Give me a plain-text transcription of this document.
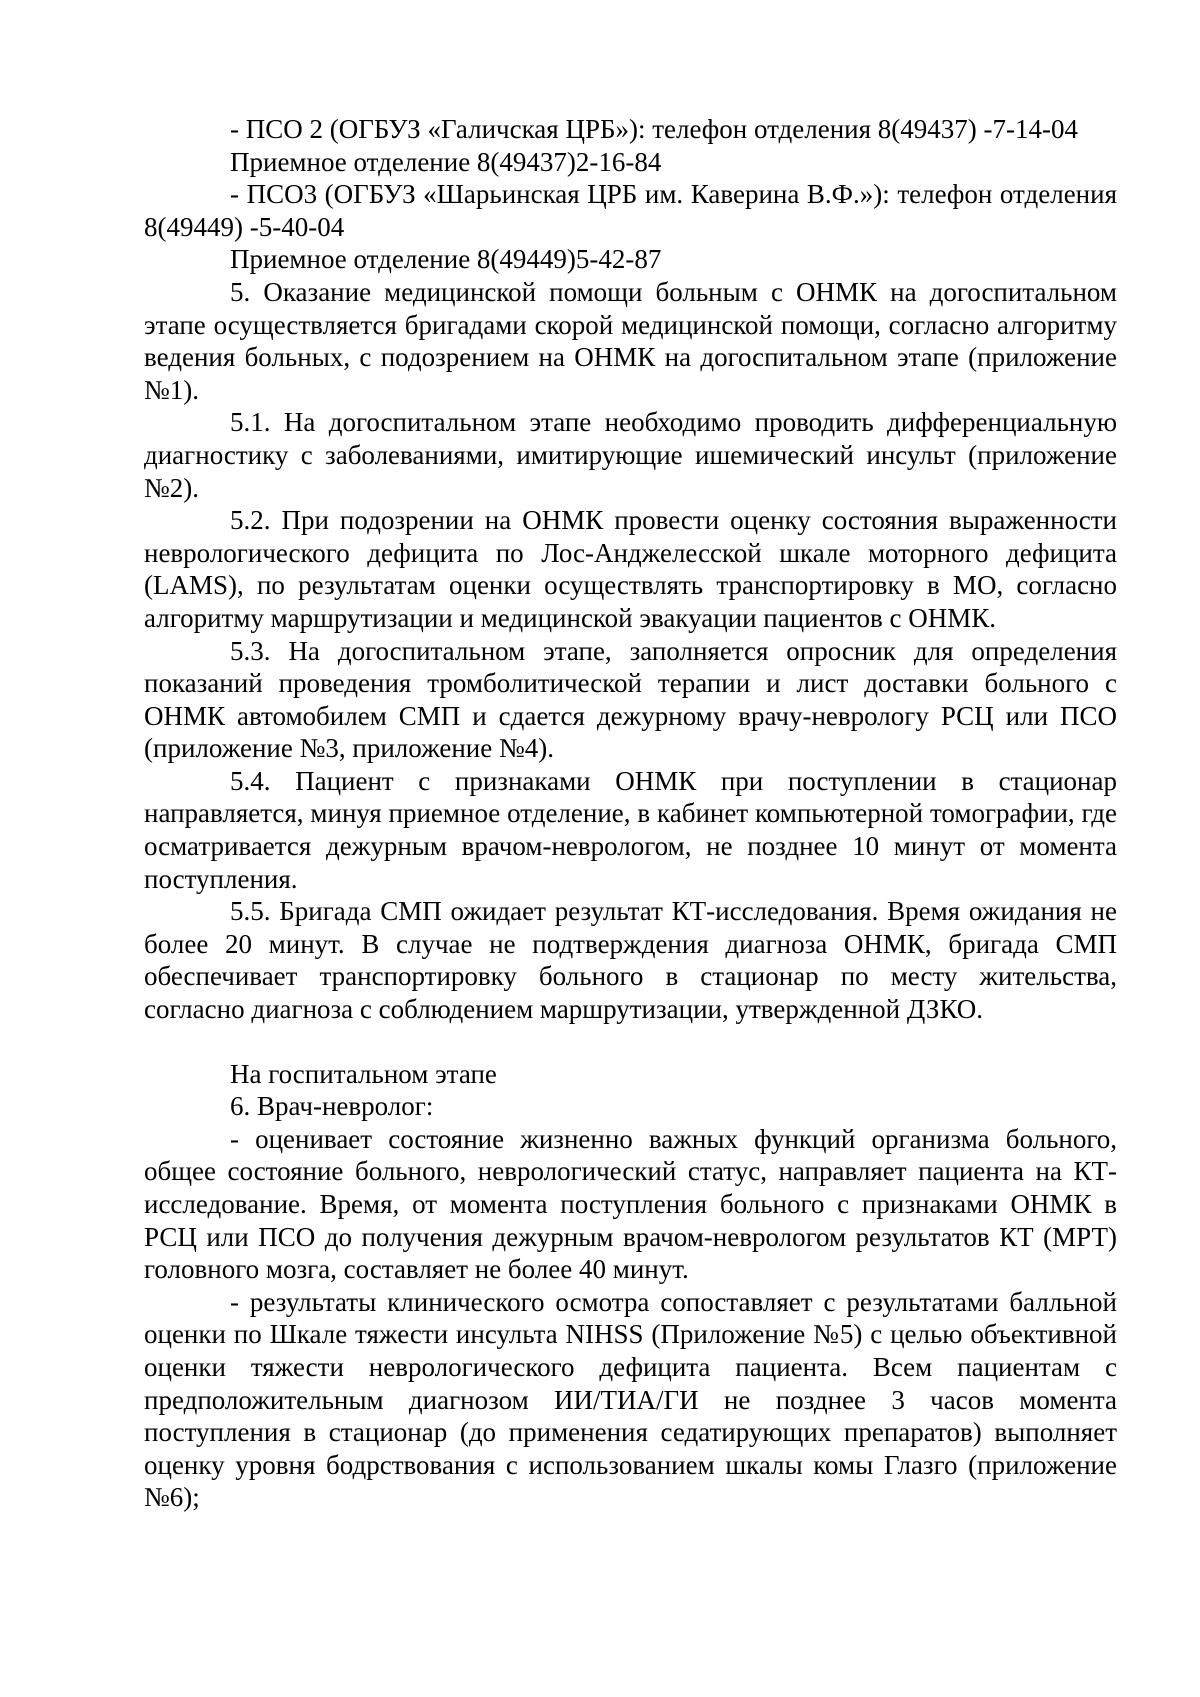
- ПСО 2 (ОГБУЗ «Галичская ЦРБ»): телефон отделения 8(49437) -7-14-04

Приемное отделение 8(49437)2-16-84

- ПСО3 (ОГБУЗ «Шарьинская ЦРБ им. Каверина В.Ф.»): телефон отделения 8(49449) -5-40-04

Приемное отделение 8(49449)5-42-87

5. Оказание медицинской помощи больным с ОНМК на догоспитальном этапе осуществляется бригадами скорой медицинской помощи, согласно алгоритму ведения больных, с подозрением на ОНМК на догоспитальном этапе (приложение №1).

5.1. На догоспитальном этапе необходимо проводить дифференциальную диагностику с заболеваниями, имитирующие ишемический инсульт (приложение №2).

5.2. При подозрении на ОНМК провести оценку состояния выраженности неврологического дефицита по Лос-Анджелесской шкале моторного дефицита (LAMS), по результатам оценки осуществлять транспортировку в МО, согласно алгоритму маршрутизации и медицинской эвакуации пациентов с ОНМК.

5.3. На догоспитальном этапе, заполняется опросник для определения показаний проведения тромболитической терапии и лист доставки больного с ОНМК автомобилем СМП и сдается дежурному врачу-неврологу РСЦ или ПСО (приложение №3, приложение №4).

5.4. Пациент с признаками ОНМК при поступлении в стационар направляется, минуя приемное отделение, в кабинет компьютерной томографии, где осматривается дежурным врачом-неврологом, не позднее 10 минут от момента поступления.

5.5. Бригада СМП ожидает результат КТ-исследования. Время ожидания не более 20 минут. В случае не подтверждения диагноза ОНМК, бригада СМП обеспечивает транспортировку больного в стационар по месту жительства, согласно диагноза с соблюдением маршрутизации, утвержденной ДЗКО.

На госпитальном этапе

6. Врач-невролог:

- оценивает состояние жизненно важных функций организма больного, общее состояние больного, неврологический статус, направляет пациента на КТ-исследование. Время, от момента поступления больного с признаками ОНМК в РСЦ или ПСО до получения дежурным врачом-неврологом результатов КТ (МРТ) головного мозга, составляет не более 40 минут.

- результаты клинического осмотра сопоставляет с результатами балльной оценки по Шкале тяжести инсульта NIHSS (Приложение №5) с целью объективной оценки тяжести неврологического дефицита пациента. Всем пациентам с предположительным диагнозом ИИ/ТИА/ГИ не позднее 3 часов момента поступления в стационар (до применения седатирующих препаратов) выполняет оценку уровня бодрствования с использованием шкалы комы Глазго (приложение №6);
